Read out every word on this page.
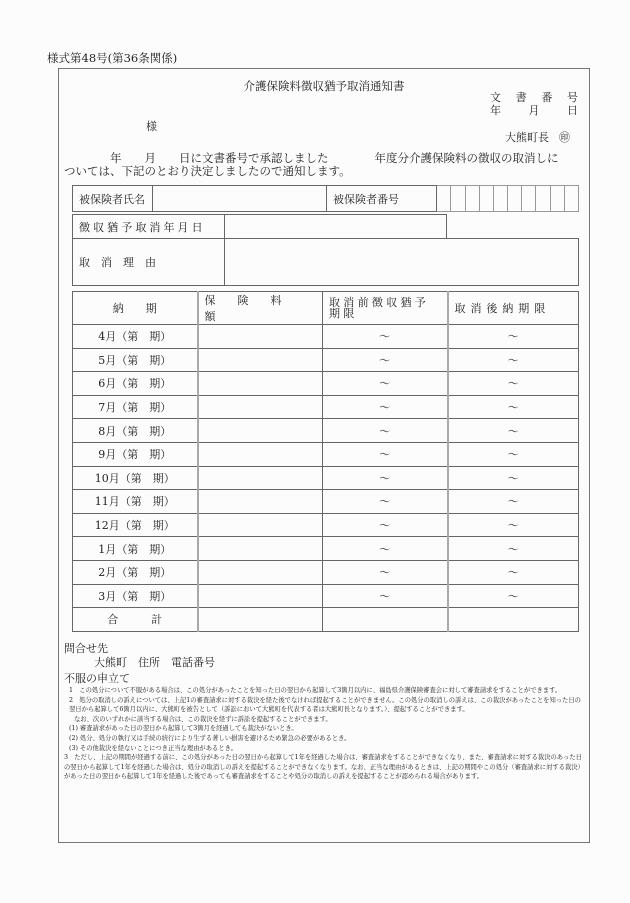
様式第48号(第36条関係)
介護保険料徴収猶予取消通知書
文 書 番 号
年	月	日
様
大熊町長 ㊞
　　　　年　　月　　日に文書番号で承認しました　　　　年度分介護保険料の徴収の取消しに
ついては、下記のとおり決定しましたので通知します。
被保険者氏名		被保険者番号										
徴収猶予取消年月日		
取　消　理　由		
納　　期	保　険　料　額	取消前徴収猶予期限	取消後納期限
4月（第　期）		～	～
5月（第　期）		～	～
6月（第　期）		～	～
7月（第　期）		～	～
8月（第　期）		～	～
9月（第　期）		～	～
10月（第　期）		～	～
11月（第　期）		～	～
12月（第　期）		～	～
1月（第　期）		～	～
2月（第　期）		～	～
3月（第　期）		～	～
合　　　計			
問合せ先
大熊町　住所　電話番号
不服の申立て

1　この処分について不服がある場合は、この処分があったことを知った日の翌日から起算して3箇月以内に、福島県介護保険審査会に対して審査請求をすることができます。

2　処分の取消しの訴えについては、上記1の審査請求に対する裁決を経た後でなければ提起することができません。この処分の取消しの訴えは、この裁決があったことを知った日の翌日から起算して6箇月以内に、大熊町を被告として（訴訟において大熊町を代表する者は大熊町長となります。）、提起することができます。

なお、次のいずれかに該当する場合は、この裁決を経ずに訴訟を提起することができます。

(1) 審査請求があった日の翌日から起算して3箇月を経過しても裁決がないとき。

(2) 処分、処分の執行又は手続の続行により生ずる著しい損害を避けるため緊急の必要があるとき。

(3) その他裁決を経ないことにつき正当な理由があるとき。

3　ただし、上記の期間が経過する前に、この処分があった日の翌日から起算して1年を経過した場合は、審査請求をすることができなくなり、また、審査請求に対する裁決のあった日の翌日から起算して1年を経過した場合は、処分の取消しの訴えを提起することができなくなります。なお、正当な理由があるときは、上記の期間やこの処分（審査請求に対する裁決）があった日の翌日から起算して1年を経過した後であっても審査請求をすることや処分の取消しの訴えを提起することが認められる場合があります。
